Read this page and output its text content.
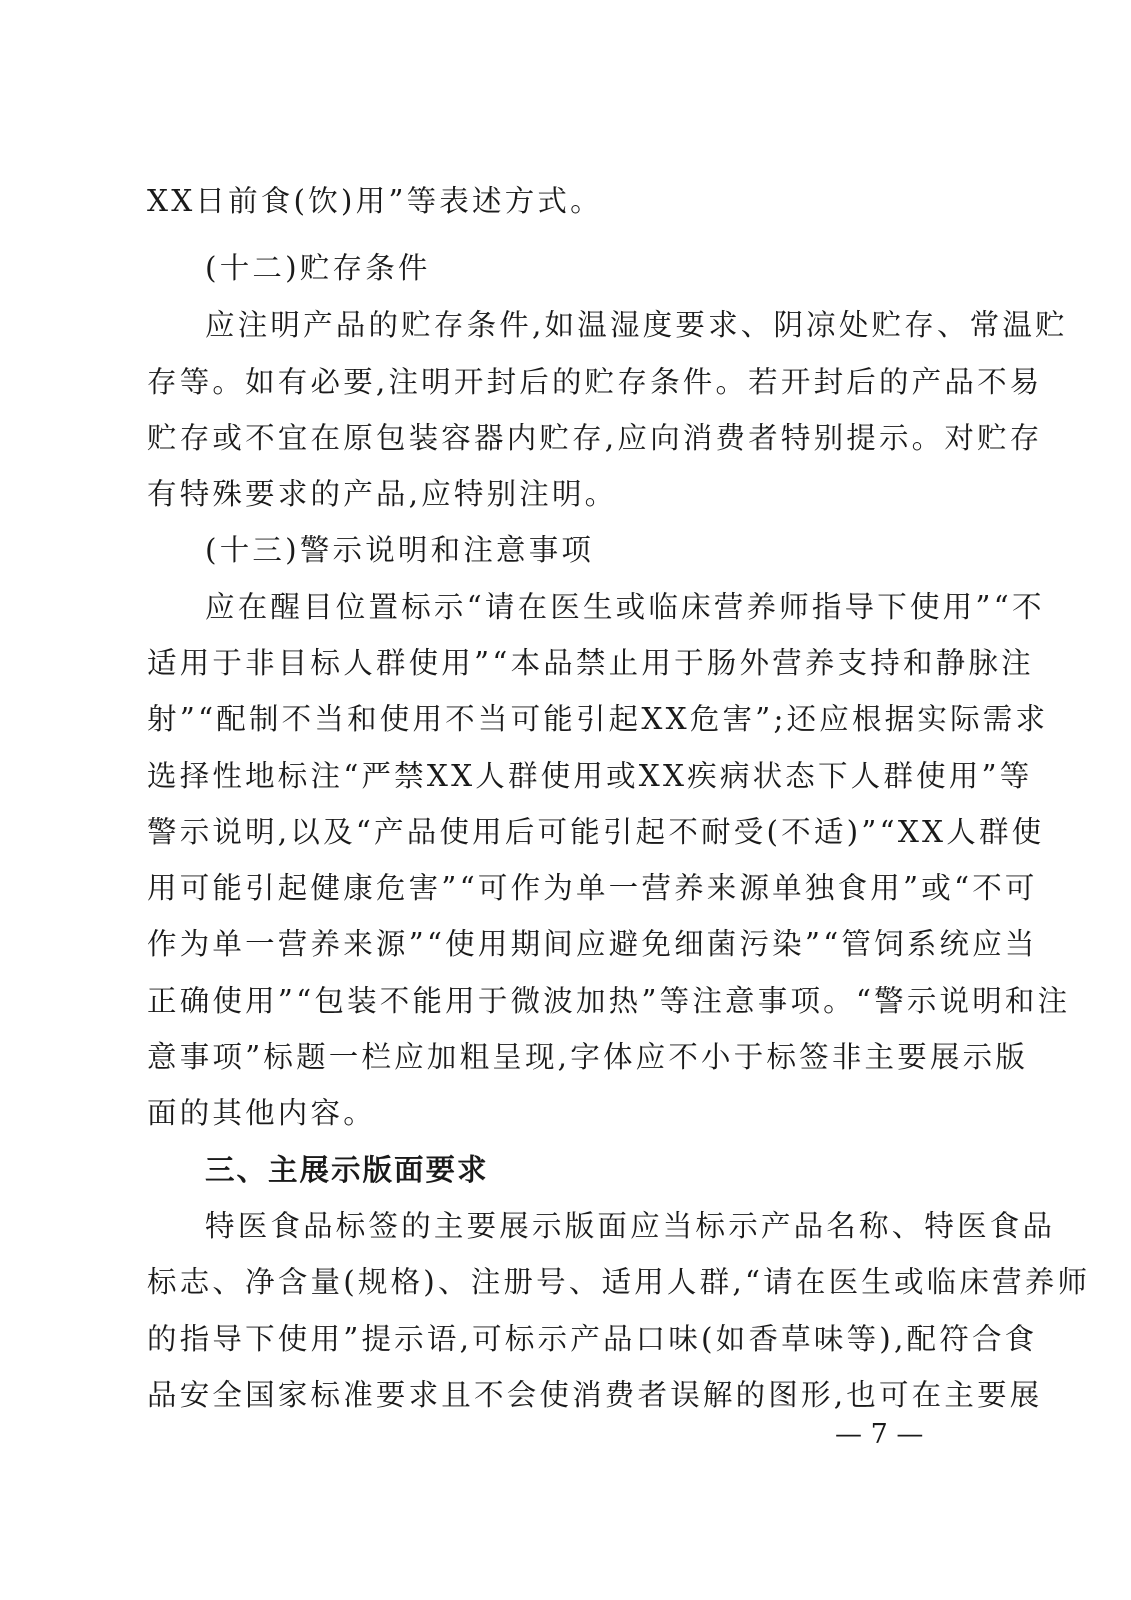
XX日前食(饮)用”等表述方式。
(十二)贮存条件
应注明产品的贮存条件,如温湿度要求、阴凉处贮存、常温贮
存等。如有必要,注明开封后的贮存条件。若开封后的产品不易
贮存或不宜在原包装容器内贮存,应向消费者特别提示。对贮存
有特殊要求的产品,应特别注明。
(十三)警示说明和注意事项
应在醒目位置标示“请在医生或临床营养师指导下使用”“不
适用于非目标人群使用”“本品禁止用于肠外营养支持和静脉注
射”“配制不当和使用不当可能引起XX危害”;还应根据实际需求
选择性地标注“严禁XX人群使用或XX疾病状态下人群使用”等
警示说明,以及“产品使用后可能引起不耐受(不适)”“XX人群使
用可能引起健康危害”“可作为单一营养来源单独食用”或“不可
作为单一营养来源”“使用期间应避免细菌污染”“管饲系统应当
正确使用”“包装不能用于微波加热”等注意事项。“警示说明和注
意事项”标题一栏应加粗呈现,字体应不小于标签非主要展示版
面的其他内容。
三、主展示版面要求
特医食品标签的主要展示版面应当标示产品名称、特医食品
标志、净含量(规格)、注册号、适用人群,“请在医生或临床营养师
的指导下使用”提示语,可标示产品口味(如香草味等),配符合食
品安全国家标准要求且不会使消费者误解的图形,也可在主要展
— 7 —
